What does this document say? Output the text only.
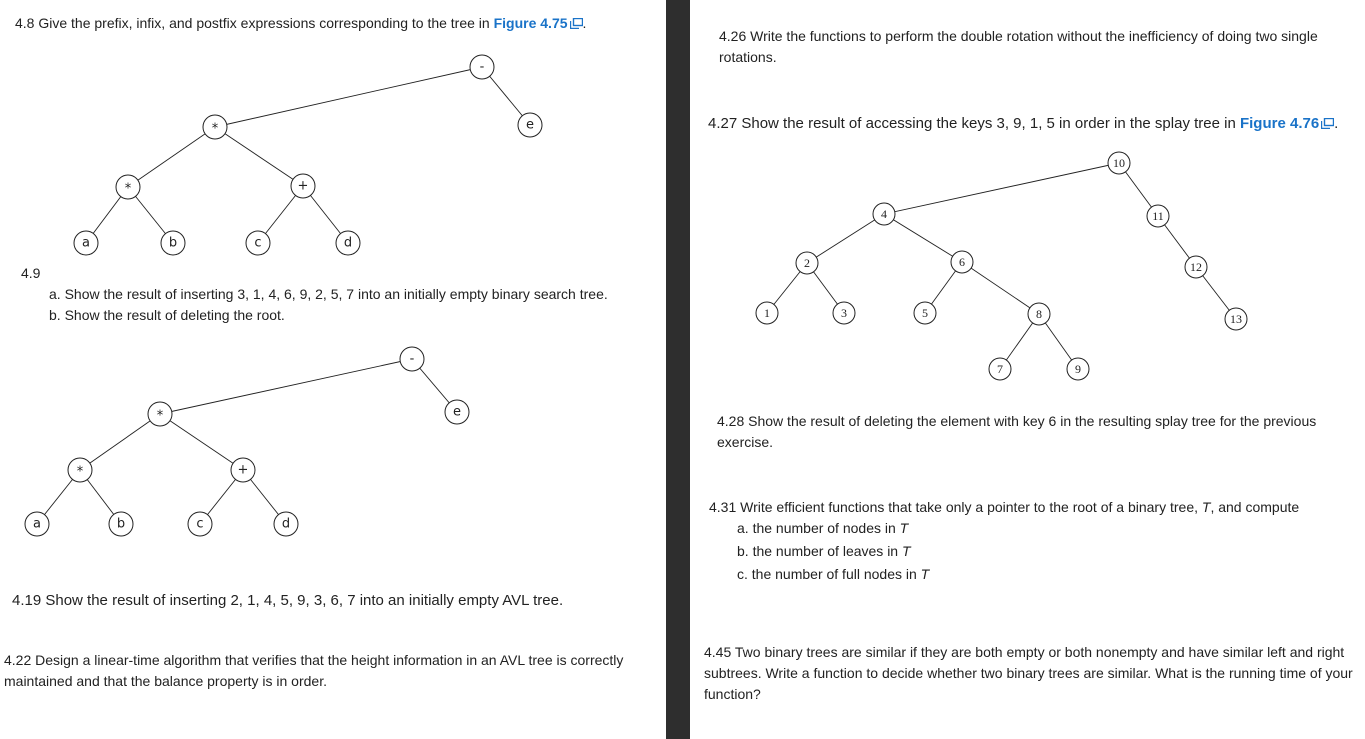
4.8 Give the prefix, infix, and postfix expressions corresponding to the tree in Figure 4.75 .
-
*	e
*	+
a	b	c	d
4.9
a. Show the result of inserting 3, 1, 4, 6, 9, 2, 5, 7 into an initially empty binary search tree.
b. Show the result of deleting the root.
-
*	e
*	+
a	b	c	d
4.19 Show the result of inserting 2, 1, 4, 5, 9, 3, 6, 7 into an initially empty AVL tree.
4.22 Design a linear-time algorithm that verifies that the height information in an AVL tree is correctly maintained and that the balance property is in order.
4.26 Write the functions to perform the double rotation without the inefficiency of doing two single rotations.
4.27 Show the result of accessing the keys 3, 9, 1, 5 in order in the splay tree in Figure 4.76 .
10
4	11
2	6	12
1	3	5	8	13
7	9
4.28 Show the result of deleting the element with key 6 in the resulting splay tree for the previous exercise.
4.31 Write efficient functions that take only a pointer to the root of a binary tree, T, and compute
a. the number of nodes in T
b. the number of leaves in T
c. the number of full nodes in T
4.45 Two binary trees are similar if they are both empty or both nonempty and have similar left and right subtrees. Write a function to decide whether two binary trees are similar. What is the running time of your function?
